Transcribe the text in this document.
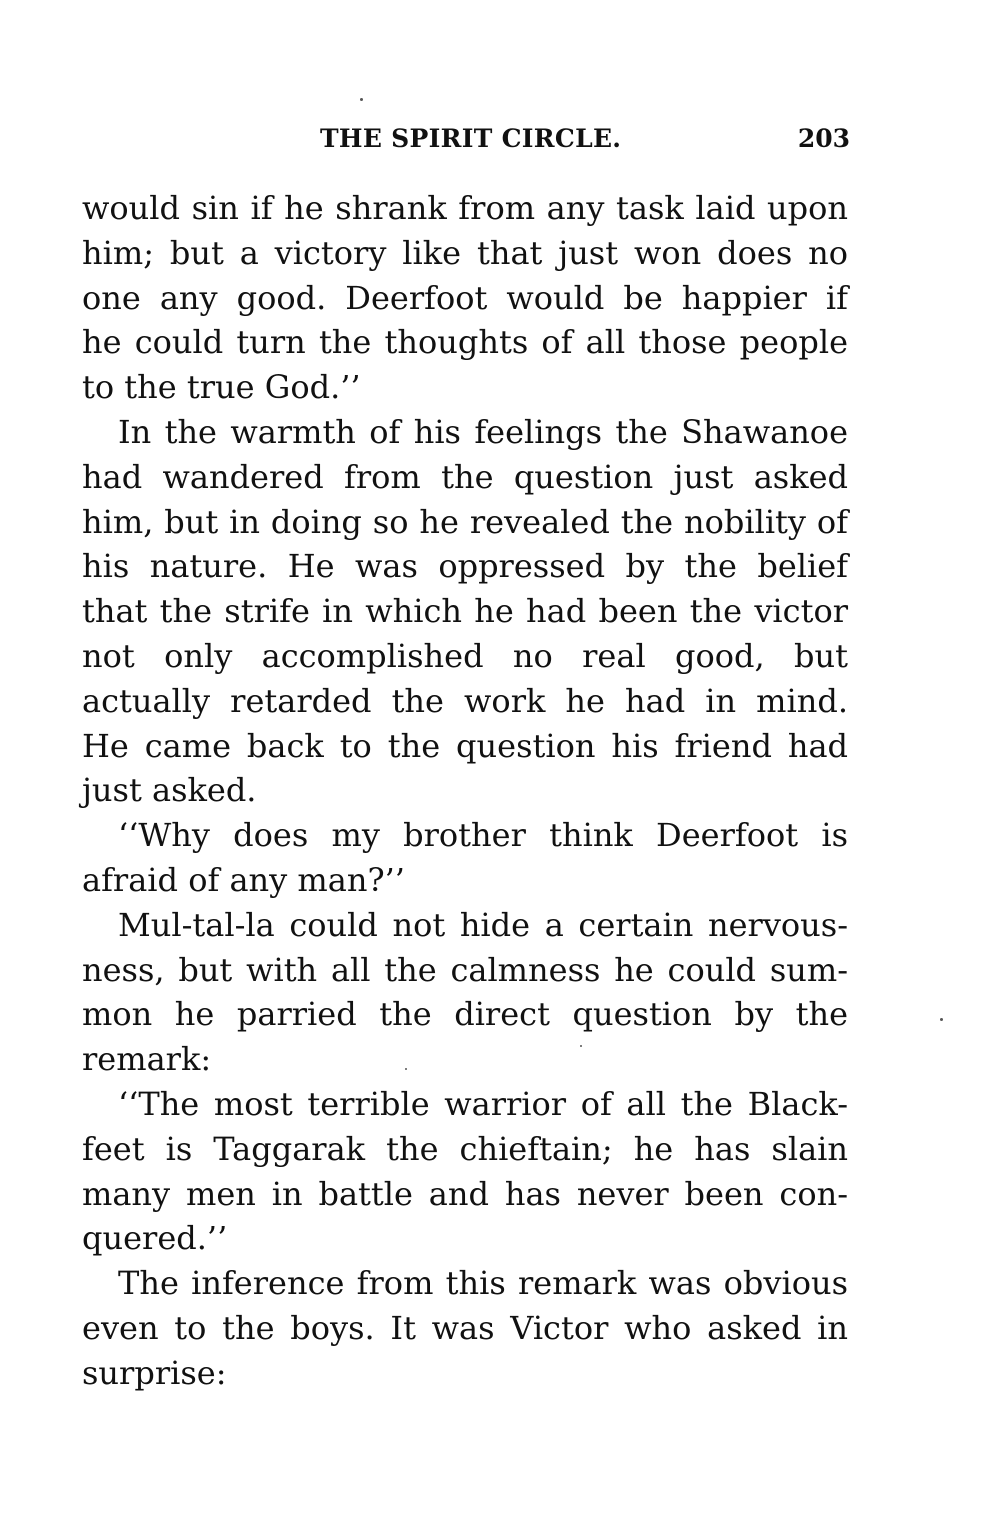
THE SPIRIT CIRCLE.	203
would sin if he shrank from any task laid upon
him; but a victory like that just won does no
one any good. Deerfoot would be happier if
he could turn the thoughts of all those people
to the true God.’’
In the warmth of his feelings the Shawanoe
had wandered from the question just asked
him, but in doing so he revealed the nobility of
his nature. He was oppressed by the belief
that the strife in which he had been the victor
not only accomplished no real good, but
actually retarded the work he had in mind.
He came back to the question his friend had
just asked.
‘‘Why does my brother think Deerfoot is
afraid of any man?’’
Mul-tal-la could not hide a certain nervous-
ness, but with all the calmness he could sum-
mon he parried the direct question by the
remark:
‘‘The most terrible warrior of all the Black-
feet is Taggarak the chieftain; he has slain
many men in battle and has never been con-
quered.’’
The inference from this remark was obvious
even to the boys. It was Victor who asked in
surprise:
